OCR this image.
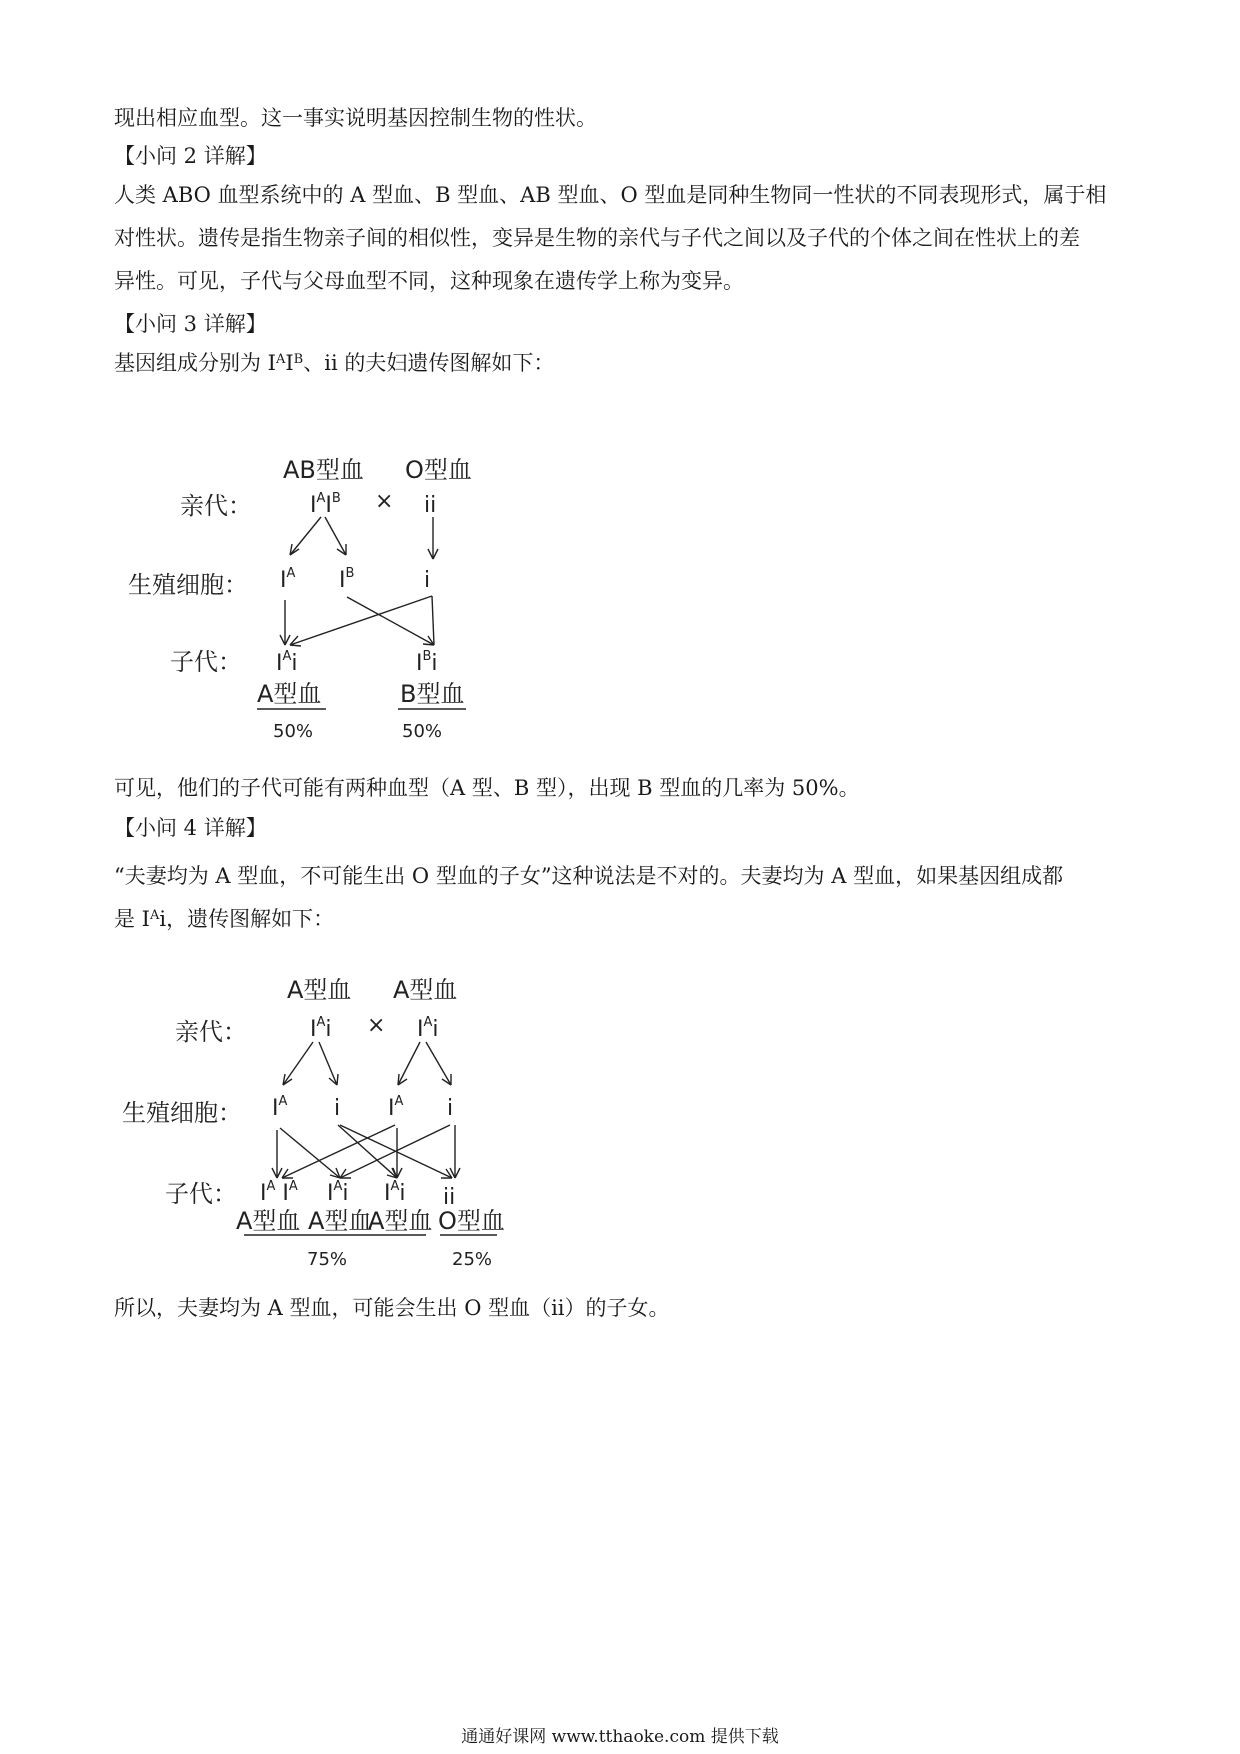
现出相应血型。这一事实说明基因控制生物的性状。

【小问 2 详解】

人类 ABO 血型系统中的 A 型血、B 型血、AB 型血、O 型血是同种生物同一性状的不同表现形式，属于相

对性状。遗传是指生物亲子间的相似性，变异是生物的亲代与子代之间以及子代的个体之间在性状上的差

异性。可见，子代与父母血型不同，这种现象在遗传学上称为变异。

【小问 3 详解】

基因组成分别为 $I^AI^B$、ii 的夫妇遗传图解如下：

AB型血 O型血
亲代：	$I^AI^B$ × ii
生殖细胞： $I^A$ $I^B$	i
子代： $I^Ai$	$I^Bi$
A型血	B型血
50%	50%

可见，他们的子代可能有两种血型（A 型、B 型），出现 B 型血的几率为 50%。

【小问 4 详解】

“夫妻均为 A 型血，不可能生出 O 型血的子女”这种说法是不对的。夫妻均为 A 型血，如果基因组成都

是 $I^Ai$，遗传图解如下：

A型血 A型血
亲代：	$I^Ai \times I^Ai$
生殖细胞： $I^A$ i $I^A$ i
子代： $I^A$ $I^A$ $I^Ai$ $I^Ai$ ii
A型血 A型血
A型血 O型血
75%	25%

所以，夫妻均为 A 型血，可能会生出 O 型血（ii）的子女。

通通好课网 www.tthaoke.com 提供下载
